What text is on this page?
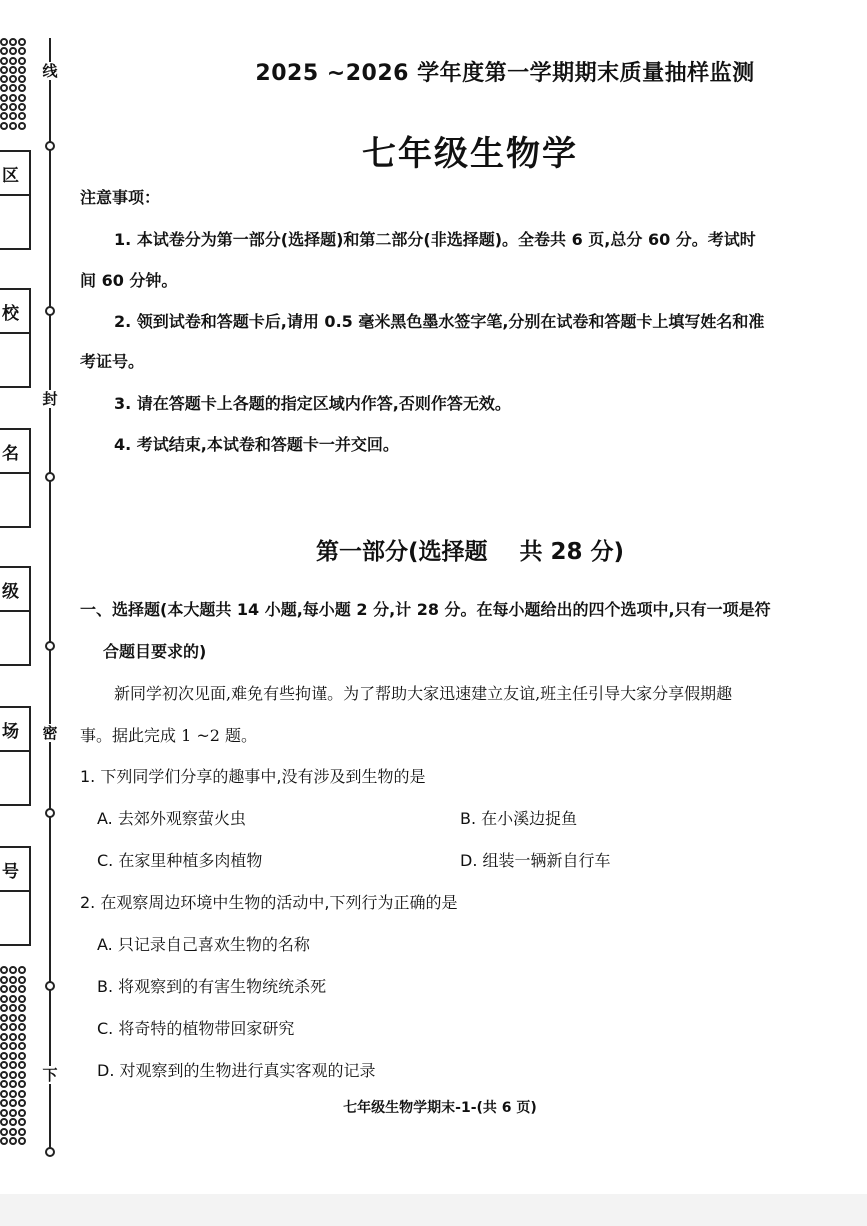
线
封
密
下
区
校
名
级
场
号
2025 ~2026 学年度第一学期期末质量抽样监测
七年级生物学
注意事项：
1. 本试卷分为第一部分(选择题)和第二部分(非选择题)。全卷共 6 页,总分 60 分。考试时
间 60 分钟。
2. 领到试卷和答题卡后,请用 0.5 毫米黑色墨水签字笔,分别在试卷和答题卡上填写姓名和准
考证号。
3. 请在答题卡上各题的指定区域内作答,否则作答无效。
4. 考试结束,本试卷和答题卡一并交回。
第一部分(选择题    共 28 分)
一、选择题(本大题共 14 小题,每小题 2 分,计 28 分。在每小题给出的四个选项中,只有一项是符
合题目要求的)
新同学初次见面,难免有些拘谨。为了帮助大家迅速建立友谊,班主任引导大家分享假期趣
事。据此完成 1 ~2 题。
1. 下列同学们分享的趣事中,没有涉及到生物的是
A. 去郊外观察萤火虫	B. 在小溪边捉鱼
C. 在家里种植多肉植物	D. 组装一辆新自行车
2. 在观察周边环境中生物的活动中,下列行为正确的是
A. 只记录自己喜欢生物的名称
B. 将观察到的有害生物统统杀死
C. 将奇特的植物带回家研究
D. 对观察到的生物进行真实客观的记录
七年级生物学期末-1-(共 6 页)
